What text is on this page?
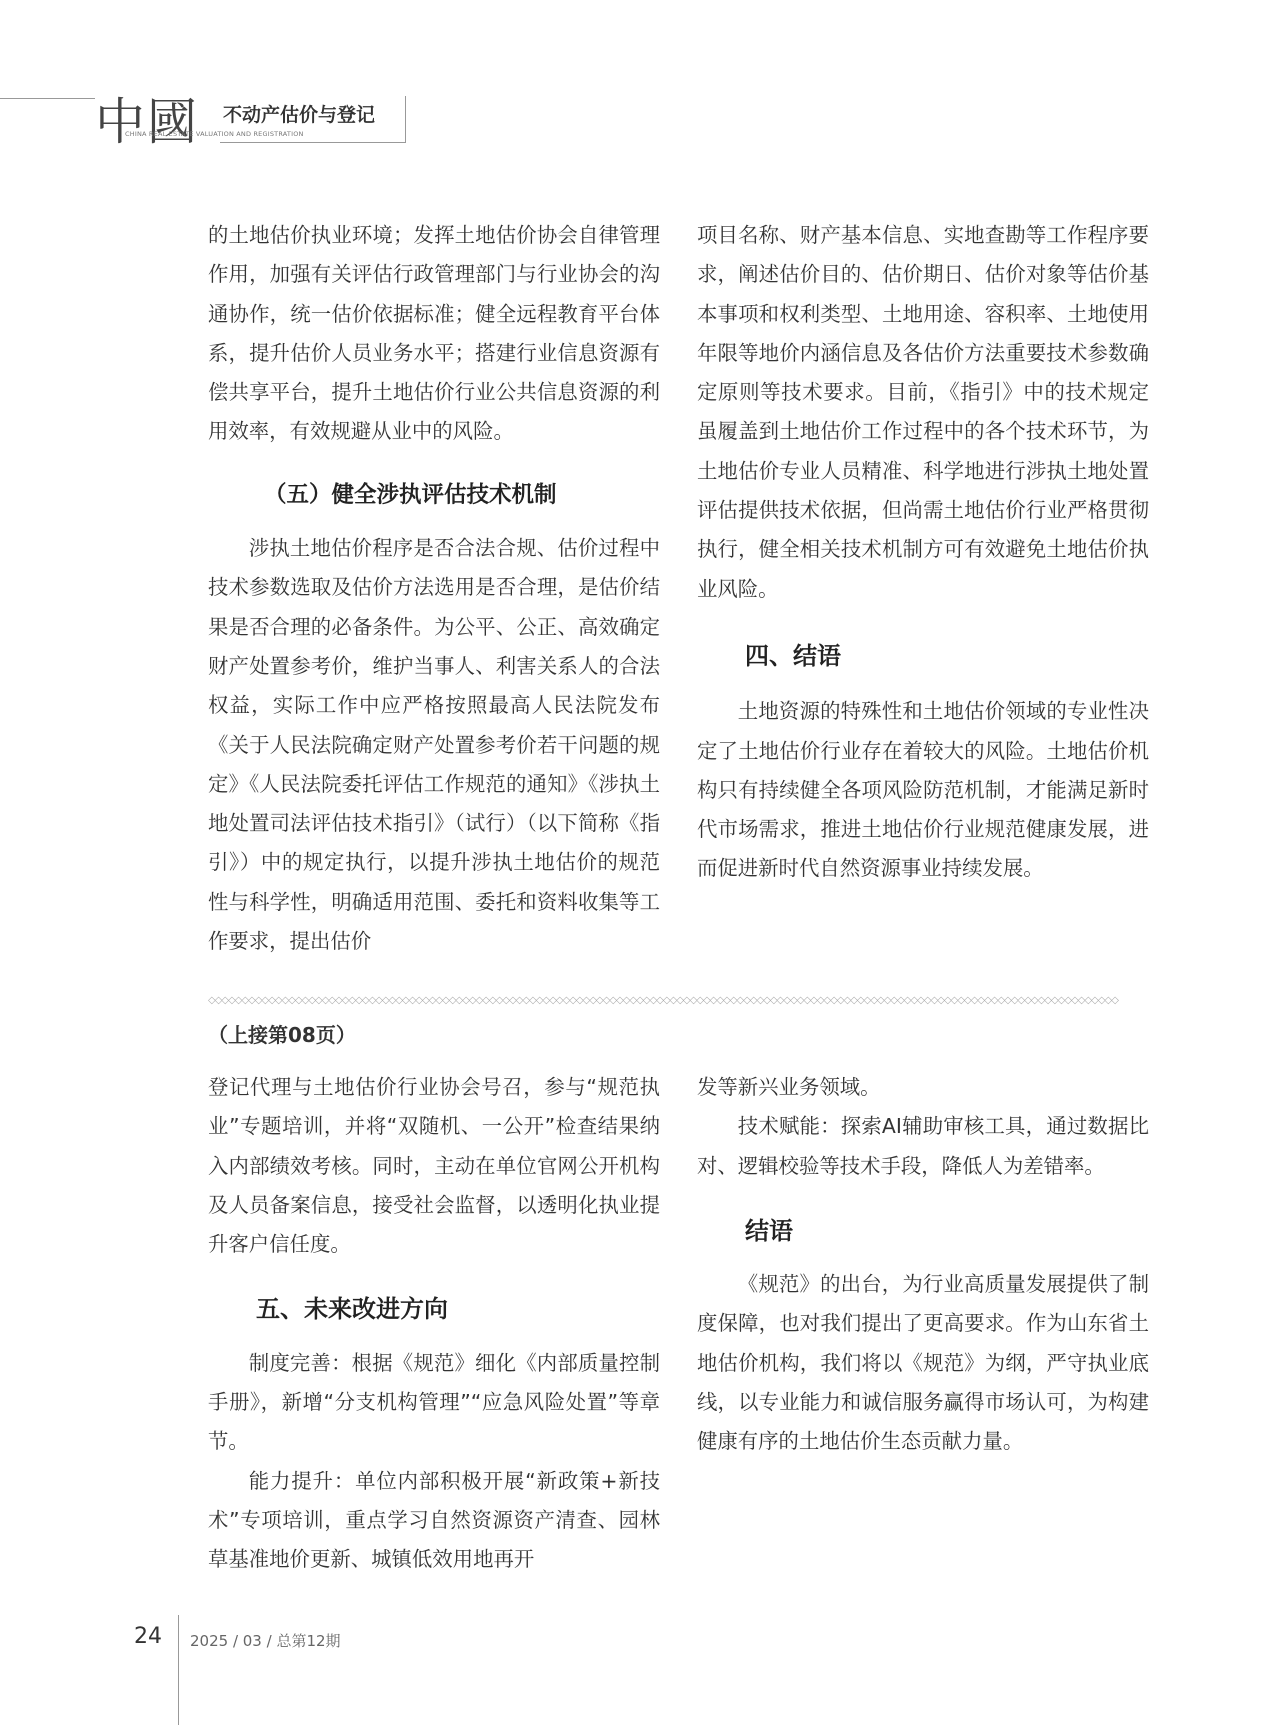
中 國 不动产估价与登记
CHINA REAL ESTATE VALUATION AND REGISTRATION

的土地估价执业环境；发挥土地估价协会自律管理作用，加强有关评估行政管理部门与行业协会的沟通协作，统一估价依据标准；健全远程教育平台体系，提升估价人员业务水平；搭建行业信息资源有偿共享平台，提升土地估价行业公共信息资源的利用效率，有效规避从业中的风险。

（五）健全涉执评估技术机制

涉执土地估价程序是否合法合规、估价过程中技术参数选取及估价方法选用是否合理，是估价结果是否合理的必备条件。为公平、公正、高效确定财产处置参考价，维护当事人、利害关系人的合法权益，实际工作中应严格按照最高人民法院发布《关于人民法院确定财产处置参考价若干问题的规定》《人民法院委托评估工作规范的通知》《涉执土地处置司法评估技术指引》（试行）（以下简称《指引》）中的规定执行，以提升涉执土地估价的规范性与科学性，明确适用范围、委托和资料收集等工作要求，提出估价

项目名称、财产基本信息、实地查勘等工作程序要求，阐述估价目的、估价期日、估价对象等估价基本事项和权利类型、土地用途、容积率、土地使用年限等地价内涵信息及各估价方法重要技术参数确定原则等技术要求。目前，《指引》中的技术规定虽履盖到土地估价工作过程中的各个技术环节，为土地估价专业人员精准、科学地进行涉执土地处置评估提供技术依据，但尚需土地估价行业严格贯彻执行，健全相关技术机制方可有效避免土地估价执业风险。

四、结语

土地资源的特殊性和土地估价领域的专业性决定了土地估价行业存在着较大的风险。土地估价机构只有持续健全各项风险防范机制，才能满足新时代市场需求，推进土地估价行业规范健康发展，进而促进新时代自然资源事业持续发展。

◇◇◇◇◇◇◇◇◇◇◇◇◇◇◇◇◇◇◇◇◇◇◇◇◇◇◇◇◇◇◇◇◇◇◇◇◇◇◇◇◇◇◇◇◇◇◇◇◇◇◇◇◇◇◇◇◇◇◇◇◇◇◇◇◇◇◇◇◇◇◇◇◇◇◇◇◇◇◇◇◇◇◇◇◇◇◇◇◇◇◇◇◇◇◇◇◇◇◇◇◇◇◇◇◇◇◇◇◇◇◇◇◇◇◇◇◇◇◇◇◇◇◇◇◇◇◇◇◇◇◇◇◇◇◇◇
（上接第08页）

登记代理与土地估价行业协会号召，参与“规范执业”专题培训，并将“双随机、一公开”检查结果纳入内部绩效考核。同时，主动在单位官网公开机构及人员备案信息，接受社会监督，以透明化执业提升客户信任度。

五、未来改进方向

制度完善：根据《规范》细化《内部质量控制手册》，新增“分支机构管理”“应急风险处置”等章节。

能力提升：单位内部积极开展“新政策+新技术”专项培训，重点学习自然资源资产清查、园林草基准地价更新、城镇低效用地再开

发等新兴业务领域。

技术赋能：探索AI辅助审核工具，通过数据比对、逻辑校验等技术手段，降低人为差错率。

结语

《规范》的出台，为行业高质量发展提供了制度保障，也对我们提出了更高要求。作为山东省土地估价机构，我们将以《规范》为纲，严守执业底线，以专业能力和诚信服务赢得市场认可，为构建健康有序的土地估价生态贡献力量。

24 2025 / 03 / 总第12期
